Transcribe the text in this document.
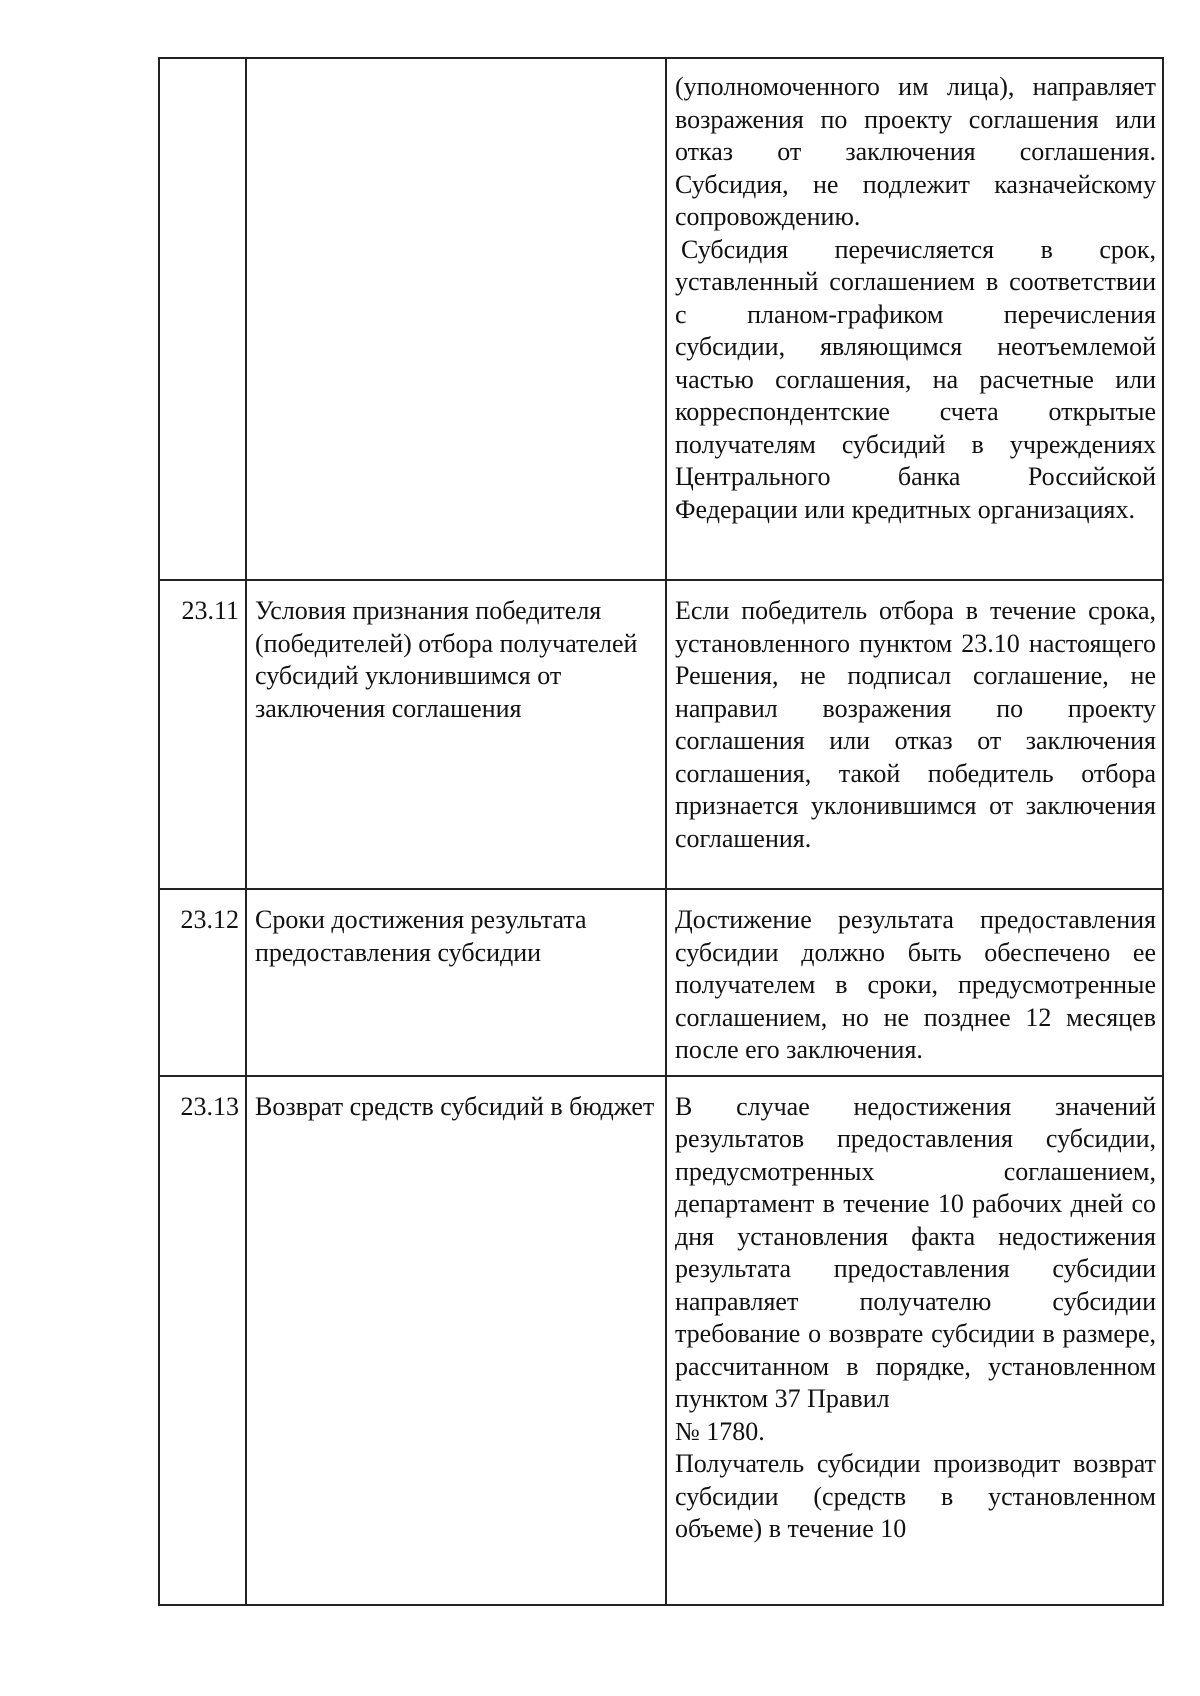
		(уполномоченного им лица), направляет возражения по проекту соглашения или отказ от заключения соглашения. Субсидия, не подлежит казначейскому сопровождению.

Субсидия перечисляется в срок, уставленный соглашением в соответствии с планом-графиком перечисления субсидии, являющимся неотъемлемой частью соглашения, на расчетные или корреспондентские счета открытые получателям субсидий в учреждениях Центрального банка Российской Федерации или кредитных организациях.

23.11	Условия признания победителя (победителей) отбора получателей субсидий уклонившимся от заключения соглашения	Если победитель отбора в течение срока, установленного пунктом 23.10 настоящего Решения, не подписал соглашение, не направил возражения по проекту соглашения или отказ от заключения соглашения, такой победитель отбора признается уклонившимся от заключения соглашения.

23.12	Сроки достижения результата предоставления субсидии	Достижение результата предоставления субсидии должно быть обеспечено ее получателем в сроки, предусмотренные соглашением, но не позднее 12 месяцев после его заключения.

23.13	Возврат средств субсидий в бюджет	В случае недостижения значений результатов предоставления субсидии, предусмотренных соглашением, департамент в течение 10 рабочих дней со дня установления факта недостижения результата предоставления субсидии направляет получателю субсидии требование о возврате субсидии в размере, рассчитанном в порядке, установленном пунктом 37 Правил

№ 1780.

Получатель субсидии производит возврат субсидии (средств в установленном объеме) в течение 10
